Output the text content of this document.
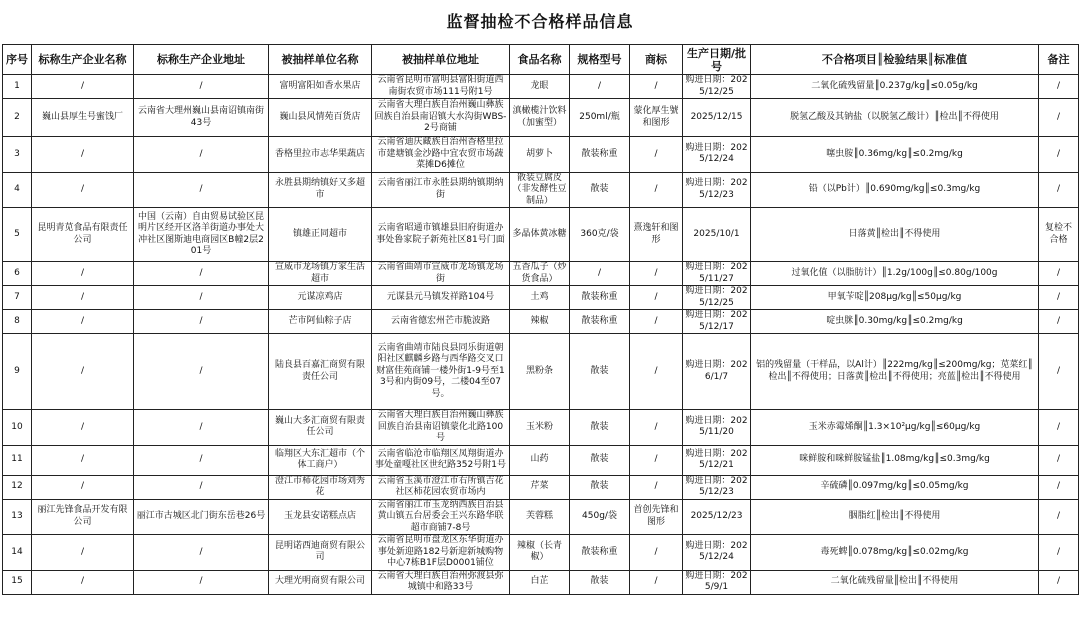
监督抽检不合格样品信息
序号	标称生产企业名称	标称生产企业地址	被抽样单位名称	被抽样单位地址	食品名称	规格型号	商标	生产日期/批号	不合格项目║检验结果║标准值	备注
1	/	/	富明富阳如香水果店	云南省昆明市富明县富阳街道西南街农贸市场111号附1号	龙眼	/	/	购进日期：2025/12/25	二氧化硫残留量║0.237g/kg║≤0.05g/kg	/
2	巍山县厚生号蜜饯厂	云南省大理州巍山县南诏镇南街43号	巍山县风情苑百货店	云南省大理白族自治州巍山彝族回族自治县南诏镇大水沟街WBS-2号商铺	滇橄榄汁饮料（加蜜型）	250ml/瓶	蒙化厚生號和图形	2025/12/15	脱氢乙酸及其钠盐（以脱氢乙酸计）║检出║不得使用	/
3	/	/	香格里拉市志华果蔬店	云南省迪庆藏族自治州香格里拉市建塘镇金沙路中宜农贸市场蔬菜摊D6摊位	胡萝卜	散装称重	/	购进日期：2025/12/24	噻虫胺║0.36mg/kg║≤0.2mg/kg	/
4	/	/	永胜县期纳镇好又多超市	云南省丽江市永胜县期纳镇期纳街	散装豆腐皮（非发酵性豆制品）	散装	/	购进日期：2025/12/23	铅（以Pb计）║0.690mg/kg║≤0.3mg/kg	/
5	昆明青苋食品有限责任公司	中国（云南）自由贸易试验区昆明片区经开区洛羊街道办事处大冲社区图斯迪电商园区B幢2层201号	镇雄正同超市	云南省昭通市镇雄县旧府街道办事处鲁家院子新苑社区81号门面	多晶体黄冰糖	360克/袋	熹逸轩和图形	2025/10/1	日落黄║检出║不得使用	复检不合格
6	/	/	宣威市龙场镇万家生活超市	云南省曲靖市宣威市龙场镇龙场街	五香瓜子（炒货食品）	/	/	购进日期：2025/11/27	过氧化值（以脂肪计）║1.2g/100g║≤0.80g/100g	/
7	/	/	元谋凉鸡店	元谋县元马镇发祥路104号	土鸡	散装称重	/	购进日期：2025/12/25	甲氧苄啶║208μg/kg║≤50μg/kg	/
8	/	/	芒市阿仙粽子店	云南省德宏州芒市脆波路	辣椒	散装称重	/	购进日期：2025/12/17	啶虫脒║0.30mg/kg║≤0.2mg/kg	/
9	/	/	陆良县百嘉汇商贸有限责任公司	云南省曲靖市陆良县同乐街道朝阳社区麒麟乡路与西华路交叉口财富佳苑商铺一楼外街1-9号至13号和内街09号，二楼04至07号。	黑粉条	散装	/	购进日期：2026/1/7	铝的残留量（干样品，以Al计）║222mg/kg║≤200mg/kg；苋菜红║检出║不得使用；日落黄║检出║不得使用；亮蓝║检出║不得使用	/
10	/	/	巍山大多汇商贸有限责任公司	云南省大理白族自治州巍山彝族回族自治县南诏镇蒙化北路100号	玉米粉	散装	/	购进日期：2025/11/20	玉米赤霉烯酮║1.3×10²μg/kg║≤60μg/kg	/
11	/	/	临翔区大东汇超市（个体工商户）	云南省临沧市临翔区凤翔街道办事处童嘎社区世纪路352号附1号	山药	散装	/	购进日期：2025/12/21	咪鲜胺和咪鲜胺锰盐║1.08mg/kg║≤0.3mg/kg	/
12	/	/	澄江市柿花园市场刘秀花	云南省玉溪市澄江市右所镇吉花社区柿花园农贸市场内	芹菜	散装	/	购进日期：2025/12/23	辛硫磷║0.097mg/kg║≤0.05mg/kg	/
13	丽江先锋食品开发有限公司	丽江市古城区北门街东岳巷26号	玉龙县安诺糕点店	云南省丽江市玉龙纳西族自治县黄山镇五台居委会王兴东路华联超市商铺7-8号	芙蓉糕	450g/袋	首创先锋和图形	2025/12/23	胭脂红║检出║不得使用	/
14	/	/	昆明诺西迪商贸有限公司	云南省昆明市盘龙区东华街道办事处新迎路182号新迎新城购物中心7栋B1F层D0001铺位	辣椒（长青椒）	散装称重	/	购进日期：2025/12/24	毒死蜱║0.078mg/kg║≤0.02mg/kg	/
15	/	/	大理光明商贸有限公司	云南省大理白族自治州弥渡县弥城镇中和路33号	白芷	散装	/	购进日期：2025/9/1	二氧化硫残留量║检出║不得使用	/
